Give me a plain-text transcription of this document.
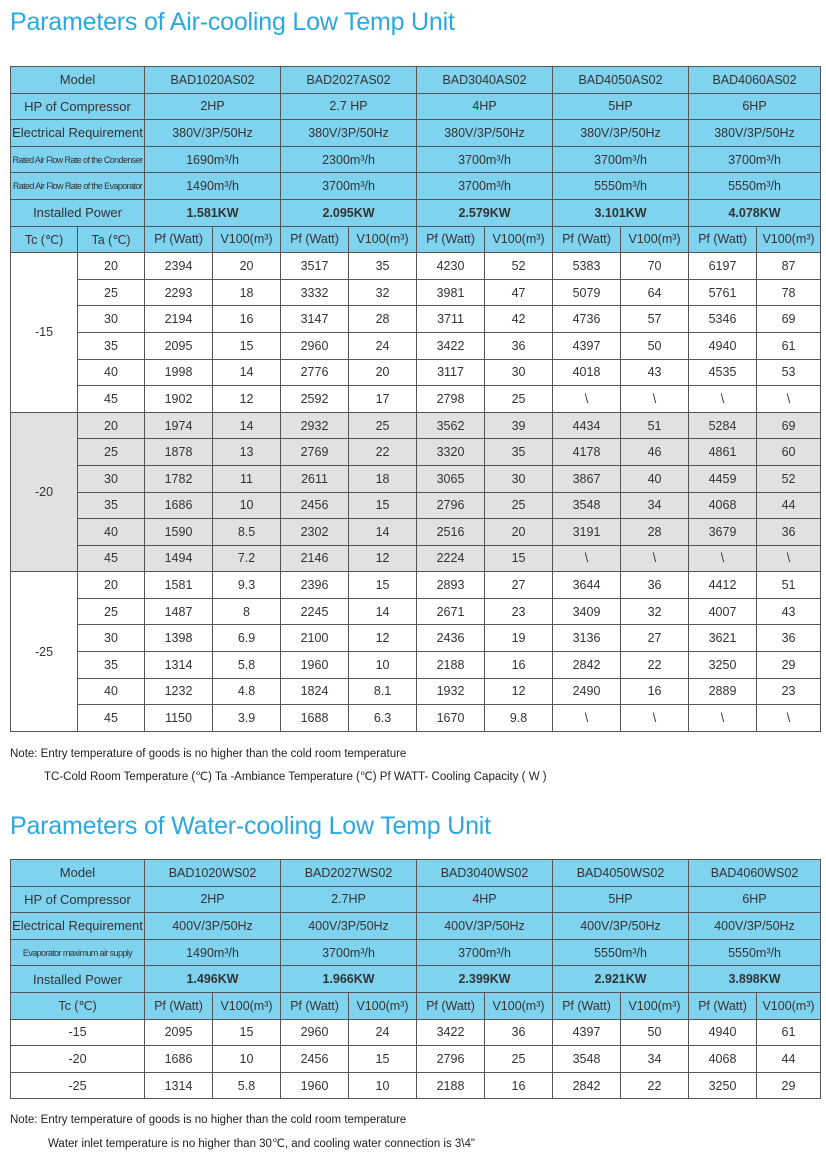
Parameters of Air-cooling Low Temp Unit
Model		BAD1020AS02		BAD2027AS02		BAD3040AS02		BAD4050AS02		BAD4060AS02	
HP of Compressor		2HP		2.7 HP		4HP		5HP		6HP	
Electrical Requirement		380V/3P/50Hz		380V/3P/50Hz		380V/3P/50Hz		380V/3P/50Hz		380V/3P/50Hz	
Rated Air Flow Rate of the Condenser		1690m³/h		2300m³/h		3700m³/h		3700m³/h		3700m³/h	
Rated Air Flow Rate of the Evaporator		1490m³/h		3700m³/h		3700m³/h		5550m³/h		5550m³/h	
Installed Power		1.581KW		2.095KW		2.579KW		3.101KW		4.078KW	
Tc (℃)	Ta (℃)	Pf (Watt)	V100(m³)	Pf (Watt)	V100(m³)	Pf (Watt)	V100(m³)	Pf (Watt)	V100(m³)	Pf (Watt)	V100(m³)
-15	20	2394	20	3517	35	4230	52	5383	70	6197	87
	25	2293	18	3332	32	3981	47	5079	64	5761	78
	30	2194	16	3147	28	3711	42	4736	57	5346	69
	35	2095	15	2960	24	3422	36	4397	50	4940	61
	40	1998	14	2776	20	3117	30	4018	43	4535	53
	45	1902	12	2592	17	2798	25	\	\	\	\
-20	20	1974	14	2932	25	3562	39	4434	51	5284	69
	25	1878	13	2769	22	3320	35	4178	46	4861	60
	30	1782	11	2611	18	3065	30	3867	40	4459	52
	35	1686	10	2456	15	2796	25	3548	34	4068	44
	40	1590	8.5	2302	14	2516	20	3191	28	3679	36
	45	1494	7.2	2146	12	2224	15	\	\	\	\
-25	20	1581	9.3	2396	15	2893	27	3644	36	4412	51
	25	1487	8	2245	14	2671	23	3409	32	4007	43
	30	1398	6.9	2100	12	2436	19	3136	27	3621	36
	35	1314	5.8	1960	10	2188	16	2842	22	3250	29
	40	1232	4.8	1824	8.1	1932	12	2490	16	2889	23
	45	1150	3.9	1688	6.3	1670	9.8	\	\	\	\
Note: Entry temperature of goods is no higher than the cold room temperature
TC-Cold Room Temperature (℃) Ta -Ambiance Temperature (℃) Pf WATT- Cooling Capacity ( W )
Parameters of Water-cooling Low Temp Unit
Model	BAD1020WS02		BAD2027WS02		BAD3040WS02		BAD4050WS02		BAD4060WS02	
HP of Compressor	2HP		2.7HP		4HP		5HP		6HP	
Electrical Requirement	400V/3P/50Hz		400V/3P/50Hz		400V/3P/50Hz		400V/3P/50Hz		400V/3P/50Hz	
Evaporator maximum air supply	1490m³/h		3700m³/h		3700m³/h		5550m³/h		5550m³/h	
Installed Power	1.496KW		1.966KW		2.399KW		2.921KW		3.898KW	
Tc (℃)	Pf (Watt)	V100(m³)	Pf (Watt)	V100(m³)	Pf (Watt)	V100(m³)	Pf (Watt)	V100(m³)	Pf (Watt)	V100(m³)
-15	2095	15	2960	24	3422	36	4397	50	4940	61
-20	1686	10	2456	15	2796	25	3548	34	4068	44
-25	1314	5.8	1960	10	2188	16	2842	22	3250	29
Note: Entry temperature of goods is no higher than the cold room temperature
Water inlet temperature is no higher than 30℃, and cooling water connection is 3\4"
